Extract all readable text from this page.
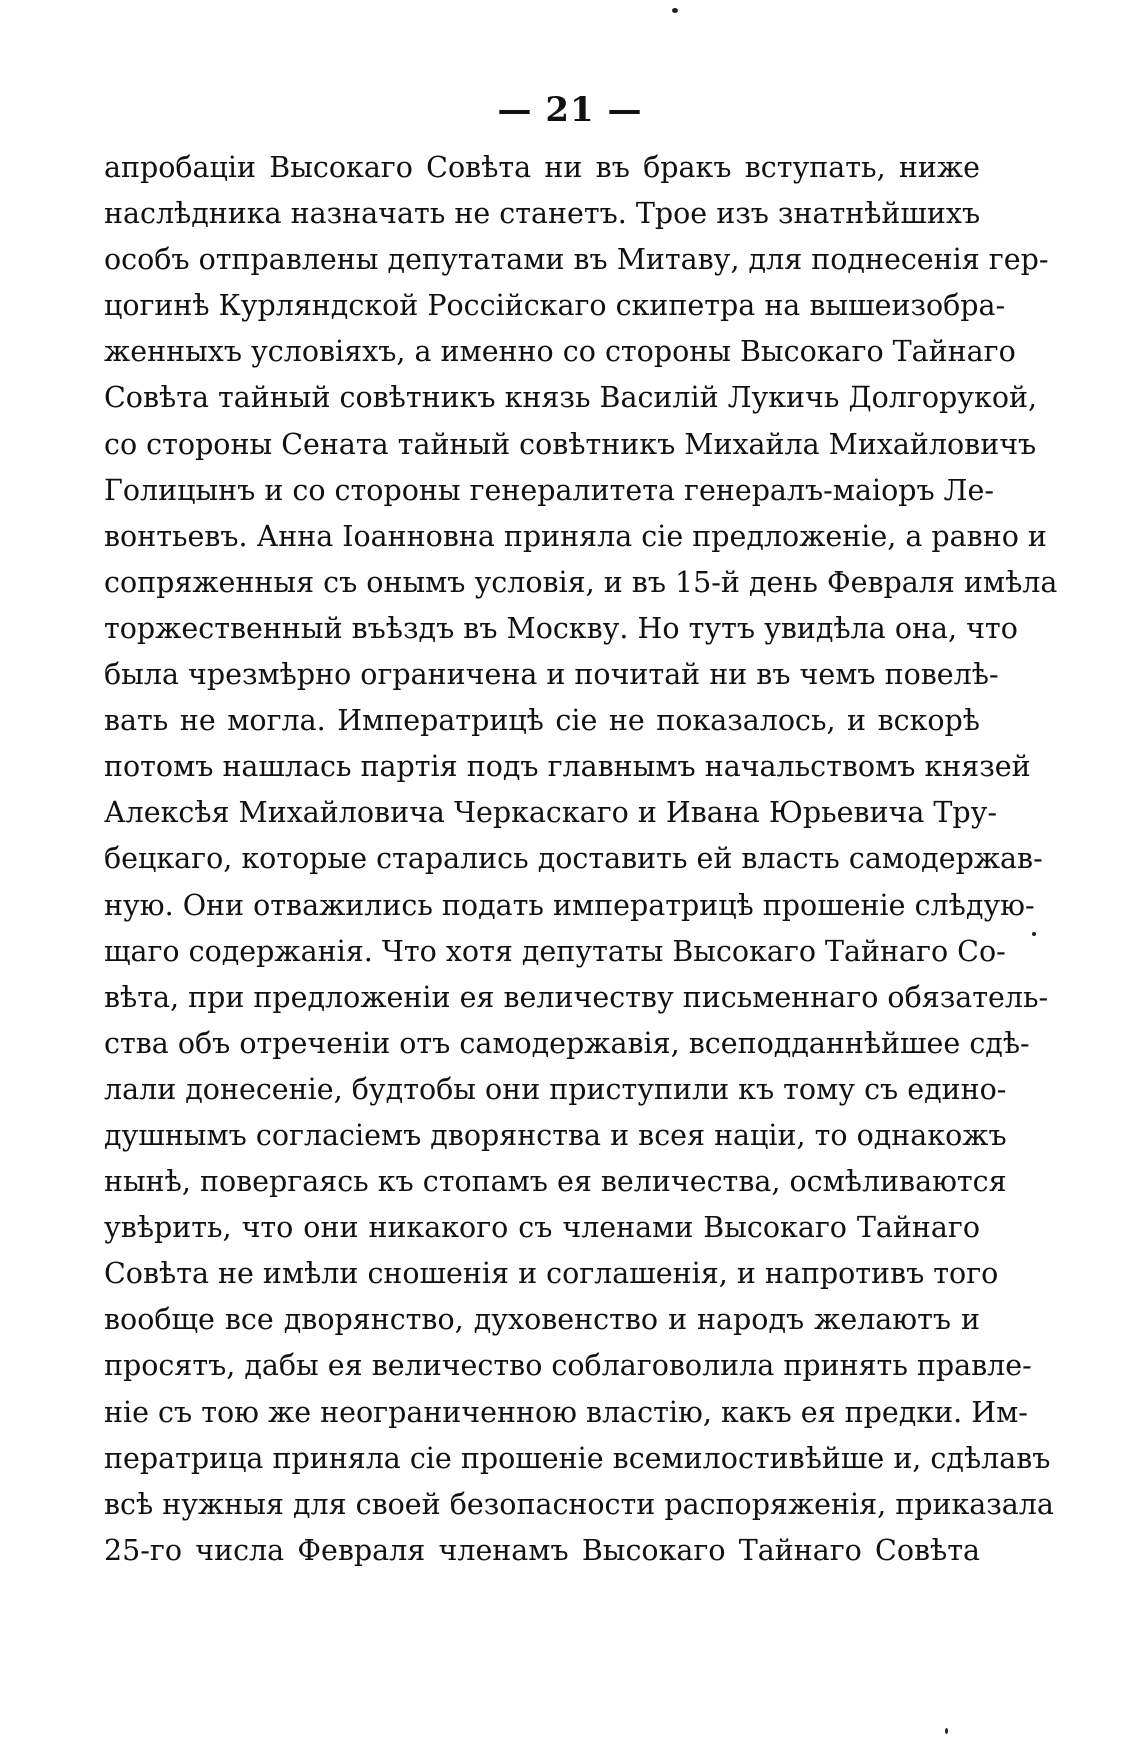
— 21 —
апробаціи Высокаго Совѣта ни въ бракъ вступать, ниже
наслѣдника назначать не станетъ. Трое изъ знатнѣйшихъ
особъ отправлены депутатами въ Митаву, для поднесенія гер-
цогинѣ Курляндской Россійскаго скипетра на вышеизобра-
женныхъ условіяхъ, а именно со стороны Высокаго Тайнаго
Совѣта тайный совѣтникъ князь Василій Лукичь Долгорукой,
со стороны Сената тайный совѣтникъ Михайла Михайловичъ
Голицынъ и со стороны генералитета генералъ-маіоръ Ле-
вонтьевъ. Анна Іоанновна приняла сіе предложеніе, а равно и
сопряженныя съ онымъ условія, и въ 15-й день Февраля имѣла
торжественный въѣздъ въ Москву. Но тутъ увидѣла она, что
была чрезмѣрно ограничена и почитай ни въ чемъ повелѣ-
вать не могла. Императрицѣ сіе не показалось, и вскорѣ
потомъ нашлась партія подъ главнымъ начальствомъ князей
Алексѣя Михайловича Черкаскаго и Ивана Юрьевича Тру-
бецкаго, которые старались доставить ей власть самодержав-
ную. Они отважились подать императрицѣ прошеніе слѣдую-
щаго содержанія. Что хотя депутаты Высокаго Тайнаго Со-
вѣта, при предложеніи ея величеству письменнаго обязатель-
ства объ отреченіи отъ самодержавія, всеподданнѣйшее сдѣ-
лали донесеніе, будтобы они приступили къ тому съ едино-
душнымъ согласіемъ дворянства и всея націи, то однакожъ
нынѣ, повергаясь къ стопамъ ея величества, осмѣливаются
увѣрить, что они никакого съ членами Высокаго Тайнаго
Совѣта не имѣли сношенія и соглашенія, и напротивъ того
вообще все дворянство, духовенство и народъ желаютъ и
просятъ, дабы ея величество соблаговолила принять правле-
ніе съ тою же неограниченною властію, какъ ея предки. Им-
ператрица приняла сіе прошеніе всемилостивѣйше и, сдѣлавъ
всѣ нужныя для своей безопасности распоряженія, приказала
25-го числа Февраля членамъ Высокаго Тайнаго Совѣта
